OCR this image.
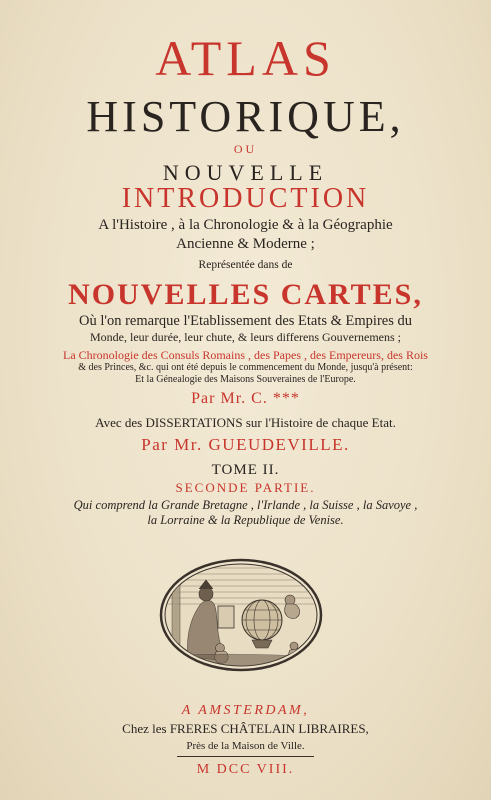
ATLAS
HISTORIQUE,
OU
NOUVELLE
INTRODUCTION
A l'Histoire , à la Chronologie & à la Géographie
Ancienne & Moderne ;
Représentée dans de
NOUVELLES CARTES,
Où l'on remarque l'Etablissement des Etats & Empires du
Monde, leur durée, leur chute, & leurs differens Gouvernemens ;
La Chronologie des Consuls Romains , des Papes , des Empereurs, des Rois
& des Princes, &c. qui ont été depuis le commencement du Monde, jusqu'à présent:
Et la Génealogie des Maisons Souveraines de l'Europe.
Par Mr. C. ***
Avec des DISSERTATIONS sur l'Histoire de chaque Etat.
Par Mr. GUEUDEVILLE.
TOME II.
SECONDE PARTIE.
Qui comprend la Grande Bretagne , l'Irlande , la Suisse , la Savoye ,
la Lorraine & la Republique de Venise.
A AMSTERDAM,
Chez les FRERES CHÂTELAIN LIBRAIRES,
Près de la Maison de Ville.
M DCC VIII.
